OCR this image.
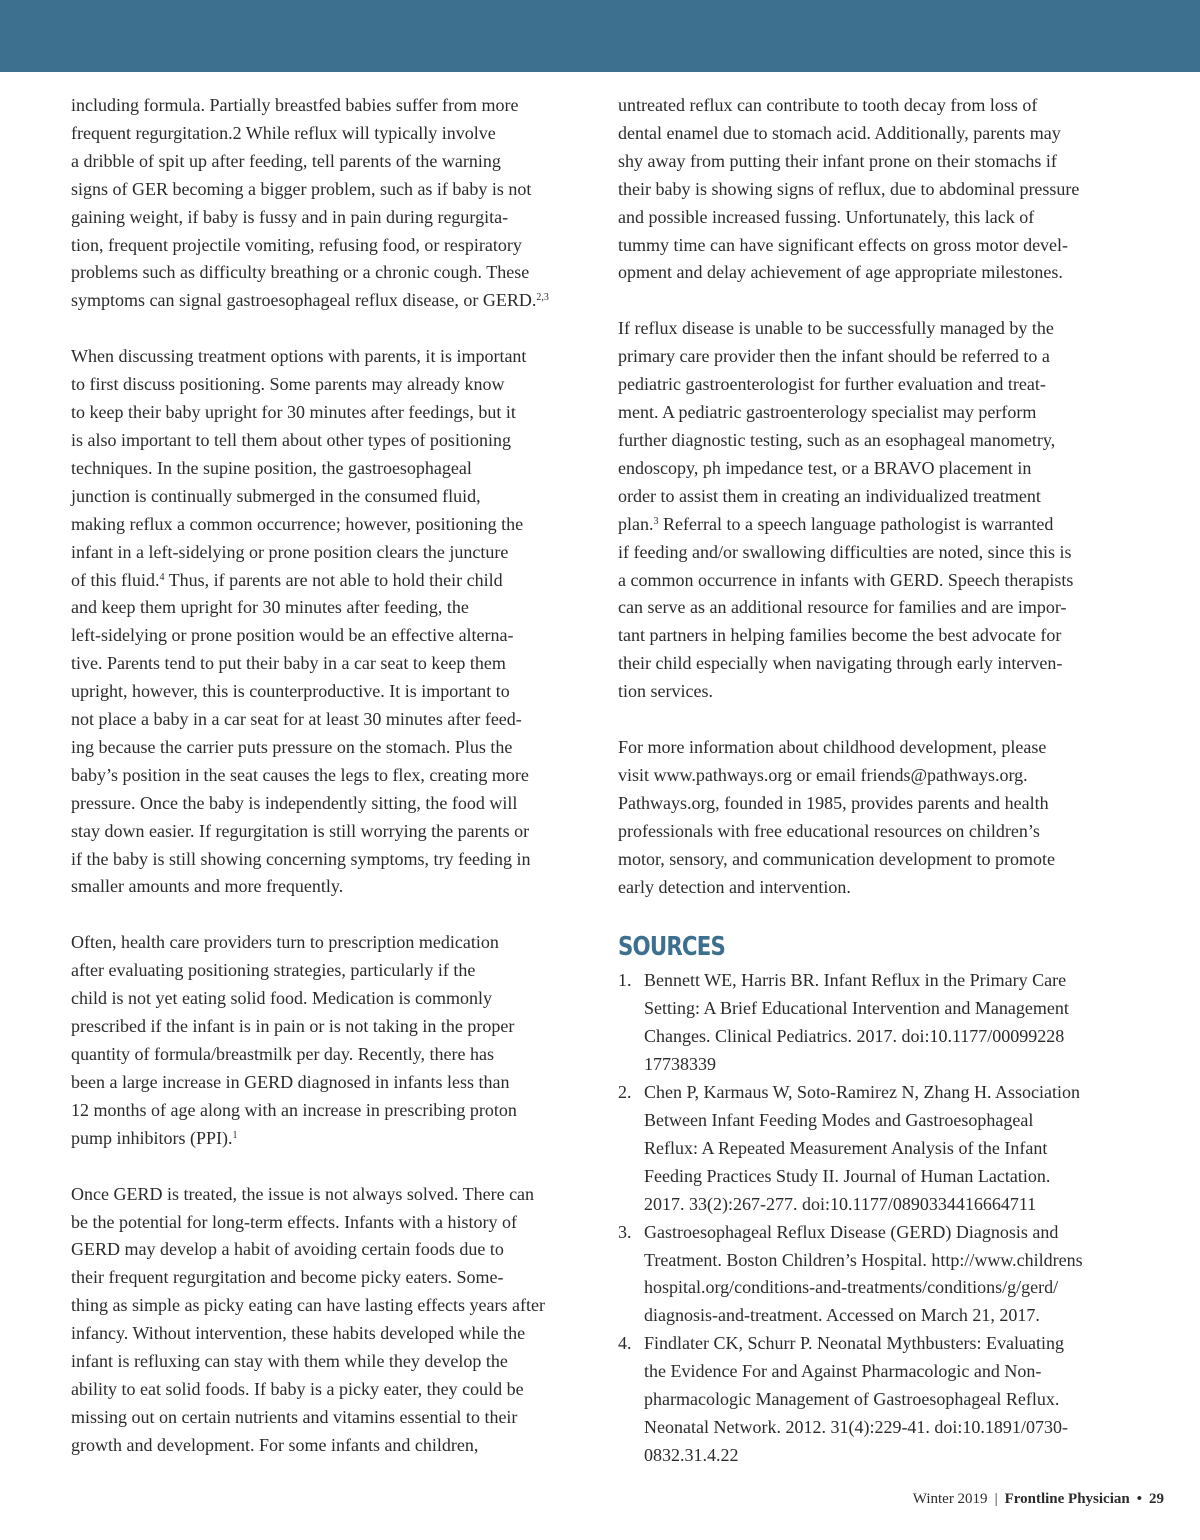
including formula. Partially breastfed babies suffer from more
frequent regurgitation.2 While reflux will typically involve
a dribble of spit up after feeding, tell parents of the warning
signs of GER becoming a bigger problem, such as if baby is not
gaining weight, if baby is fussy and in pain during regurgita-
tion, frequent projectile vomiting, refusing food, or respiratory
problems such as difficulty breathing or a chronic cough. These
symptoms can signal gastroesophageal reflux disease, or GERD.$^{2,3}$

When discussing treatment options with parents, it is important
to first discuss positioning. Some parents may already know
to keep their baby upright for 30 minutes after feedings, but it
is also important to tell them about other types of positioning
techniques. In the supine position, the gastroesophageal
junction is continually submerged in the consumed fluid,
making reflux a common occurrence; however, positioning the
infant in a left-sidelying or prone position clears the juncture
of this fluid.$^4$ Thus, if parents are not able to hold their child
and keep them upright for 30 minutes after feeding, the
left-sidelying or prone position would be an effective alterna-
tive. Parents tend to put their baby in a car seat to keep them
upright, however, this is counterproductive. It is important to
not place a baby in a car seat for at least 30 minutes after feed-
ing because the carrier puts pressure on the stomach. Plus the
baby’s position in the seat causes the legs to flex, creating more
pressure. Once the baby is independently sitting, the food will
stay down easier. If regurgitation is still worrying the parents or
if the baby is still showing concerning symptoms, try feeding in
smaller amounts and more frequently.

Often, health care providers turn to prescription medication
after evaluating positioning strategies, particularly if the
child is not yet eating solid food. Medication is commonly
prescribed if the infant is in pain or is not taking in the proper
quantity of formula/breastmilk per day. Recently, there has
been a large increase in GERD diagnosed in infants less than
12 months of age along with an increase in prescribing proton
pump inhibitors (PPI).$^1$

Once GERD is treated, the issue is not always solved. There can
be the potential for long-term effects. Infants with a history of
GERD may develop a habit of avoiding certain foods due to
their frequent regurgitation and become picky eaters. Some-
thing as simple as picky eating can have lasting effects years after
infancy. Without intervention, these habits developed while the
infant is refluxing can stay with them while they develop the
ability to eat solid foods. If baby is a picky eater, they could be
missing out on certain nutrients and vitamins essential to their
growth and development. For some infants and children,

untreated reflux can contribute to tooth decay from loss of
dental enamel due to stomach acid. Additionally, parents may
shy away from putting their infant prone on their stomachs if
their baby is showing signs of reflux, due to abdominal pressure
and possible increased fussing. Unfortunately, this lack of
tummy time can have significant effects on gross motor devel-
opment and delay achievement of age appropriate milestones.

If reflux disease is unable to be successfully managed by the
primary care provider then the infant should be referred to a
pediatric gastroenterologist for further evaluation and treat-
ment. A pediatric gastroenterology specialist may perform
further diagnostic testing, such as an esophageal manometry,
endoscopy, ph impedance test, or a BRAVO placement in
order to assist them in creating an individualized treatment
plan.$^3$ Referral to a speech language pathologist is warranted
if feeding and/or swallowing difficulties are noted, since this is
a common occurrence in infants with GERD. Speech therapists
can serve as an additional resource for families and are impor-
tant partners in helping families become the best advocate for
their child especially when navigating through early interven-
tion services.

For more information about childhood development, please
visit www.pathways.org or email friends@pathways.org.
Pathways.org, founded in 1985, provides parents and health
professionals with free educational resources on children’s
motor, sensory, and communication development to promote
early detection and intervention.

SOURCES
1. Bennett WE, Harris BR. Infant Reflux in the Primary Care
Setting: A Brief Educational Intervention and Management
Changes. Clinical Pediatrics. 2017. doi:10.1177/00099228
17738339
2. Chen P, Karmaus W, Soto-Ramirez N, Zhang H. Association
Between Infant Feeding Modes and Gastroesophageal
Reflux: A Repeated Measurement Analysis of the Infant
Feeding Practices Study II. Journal of Human Lactation.
2017. 33(2):267-277. doi:10.1177/0890334416664711
3. Gastroesophageal Reflux Disease (GERD) Diagnosis and
Treatment. Boston Children’s Hospital. http://www.childrens
hospital.org/conditions-and-treatments/conditions/g/gerd/
diagnosis-and-treatment. Accessed on March 21, 2017.
4. Findlater CK, Schurr P. Neonatal Mythbusters: Evaluating
the Evidence For and Against Pharmacologic and Non-
pharmacologic Management of Gastroesophageal Reflux.
Neonatal Network. 2012. 31(4):229-41. doi:10.1891/0730-
0832.31.4.22
Winter 2019 | Frontline Physician • 29
